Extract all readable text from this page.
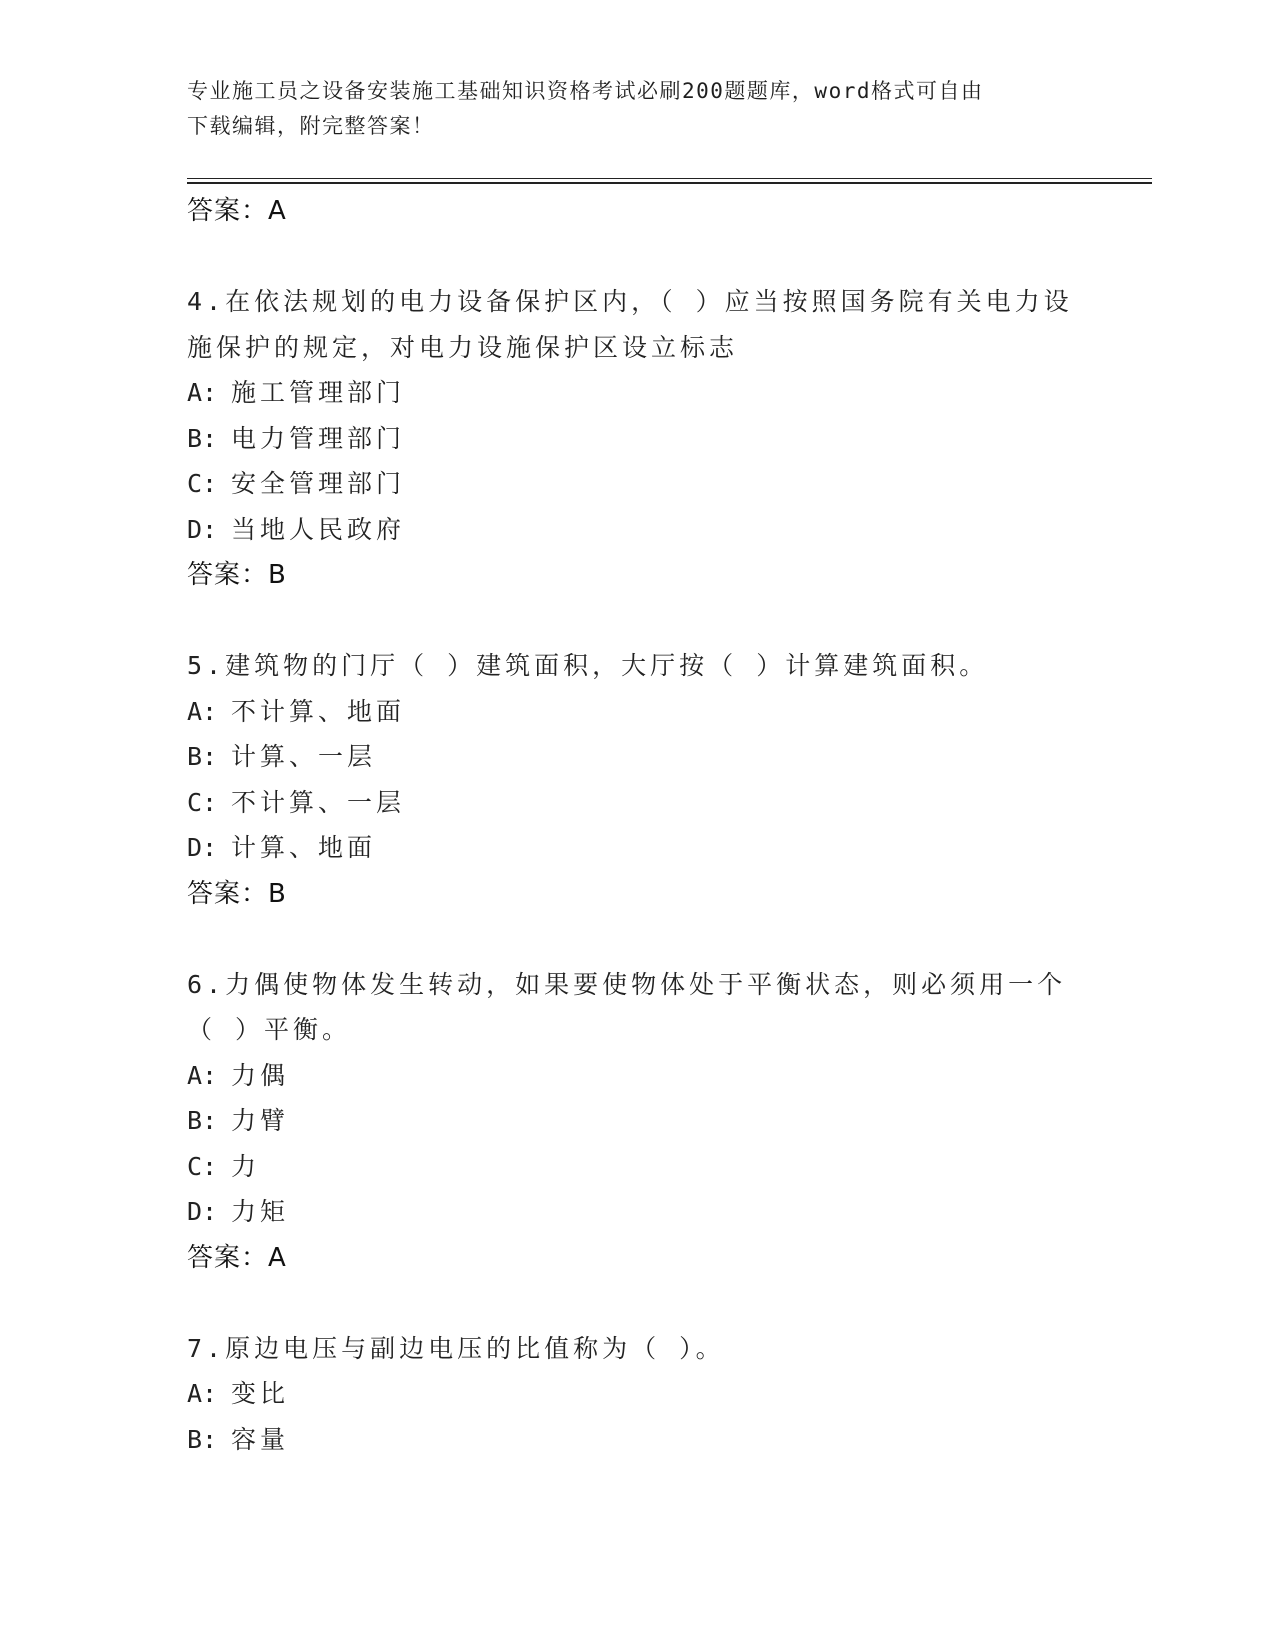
专业施工员之设备安装施工基础知识资格考试必刷200题题库，word格式可自由
下载编辑，附完整答案！
答案：A
4.在依法规划的电力设备保护区内，（ ）应当按照国务院有关电力设
施保护的规定，对电力设施保护区设立标志
A: 施工管理部门
B: 电力管理部门
C: 安全管理部门
D: 当地人民政府
答案：B
5.建筑物的门厅（ ）建筑面积，大厅按（ ）计算建筑面积。
A: 不计算、地面
B: 计算、一层
C: 不计算、一层
D: 计算、地面
答案：B
6.力偶使物体发生转动，如果要使物体处于平衡状态，则必须用一个
（ ）平衡。
A: 力偶
B: 力臂
C: 力
D: 力矩
答案：A
7.原边电压与副边电压的比值称为（ ）。
A: 变比
B: 容量
